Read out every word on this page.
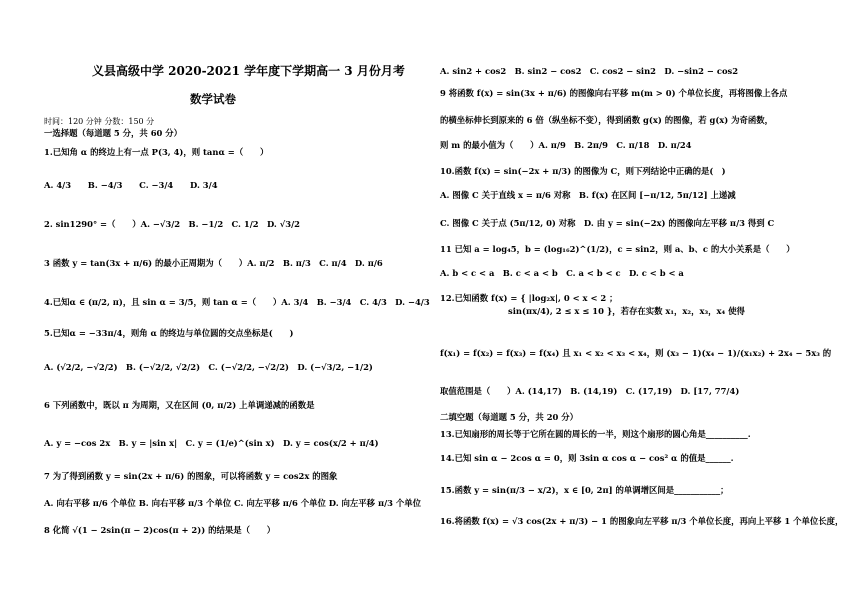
义县高级中学 2020-2021 学年度下学期高一 3 月份月考
数学试卷
时间：120 分钟 分数：150 分
一选择题（每道题 5 分，共 60 分）
1.已知角 α 的终边上有一点 P(3, 4)，则 tanα =（　　）
A. 4/3　　B. −4/3　　C. −3/4　　D. 3/4
2. sin1290° =（　　）A. −√3/2　B. −1/2　C. 1/2　D. √3/2
3 函数 y = tan(3x + π/6) 的最小正周期为（　　）A. π/2　B. π/3　C. π/4　D. π/6
4.已知α ∈ (π/2, π)，且 sin α = 3/5，则 tan α =（　　）A. 3/4　B. −3/4　C. 4/3　D. −4/3
5.已知α = −33π/4，则角 α 的终边与单位圆的交点坐标是(　　)
A. (√2/2, −√2/2)　B. (−√2/2, √2/2)　C. (−√2/2, −√2/2)　D. (−√3/2, −1/2)
6 下列函数中，既以 π 为周期，又在区间 (0, π/2) 上单调递减的函数是
A. y = −cos 2x　B. y = |sin x|　C. y = (1/e)^(sin x)　D. y = cos(x/2 + π/4)
7 为了得到函数 y = sin(2x + π/6) 的图象，可以将函数 y = cos2x 的图象
A. 向右平移 π/6 个单位 B. 向右平移 π/3 个单位 C. 向左平移 π/6 个单位 D. 向左平移 π/3 个单位
8 化简 √(1 − 2sin(π − 2)cos(π + 2)) 的结果是（　　）
A. sin2 + cos2　B. sin2 − cos2　C. cos2 − sin2　D. −sin2 − cos2
9 将函数 f(x) = sin(3x + π/6) 的图像向右平移 m(m > 0) 个单位长度，再将图像上各点
的横坐标伸长到原来的 6 倍（纵坐标不变），得到函数 g(x) 的图像，若 g(x) 为奇函数，
则 m 的最小值为（　　）A. π/9　B. 2π/9　C. π/18　D. π/24
10.函数 f(x) = sin(−2x + π/3) 的图像为 C，则下列结论中正确的是(　)
A. 图像 C 关于直线 x = π/6 对称　B. f(x) 在区间 [−π/12, 5π/12] 上递减
C. 图像 C 关于点 (5π/12, 0) 对称　D. 由 y = sin(−2x) 的图像向左平移 π/3 得到 C
11 已知 a = log₄5，b = (log₁₆2)^(1/2)，c = sin2，则 a、b、c 的大小关系是（　　）
A. b < c < a　B. c < a < b　C. a < b < c　D. c < b < a
12.已知函数 f(x) = { |log₂x|, 0 < x < 2 ；
sin(πx/4), 2 ≤ x ≤ 10 }，若存在实数 x₁，x₂，x₃，x₄ 使得
f(x₁) = f(x₂) = f(x₃) = f(x₄) 且 x₁ < x₂ < x₃ < x₄，则 (x₃ − 1)(x₄ − 1)/(x₁x₂) + 2x₄ − 5x₃ 的
取值范围是（　　）A. (14,17)　B. (14,19)　C. (17,19)　D. [17, 77/4)
二填空题（每道题 5 分，共 20 分）
13.已知扇形的周长等于它所在圆的周长的一半，则这个扇形的圆心角是__________.
14.已知 sin α − 2cos α = 0，则 3sin α cos α − cos² α 的值是______.
15.函数 y = sin(π/3 − x/2)，x ∈ [0, 2π] 的单调增区间是___________；
16.将函数 f(x) = √3 cos(2x + π/3) − 1 的图象向左平移 π/3 个单位长度，再向上平移 1 个单位长度，
